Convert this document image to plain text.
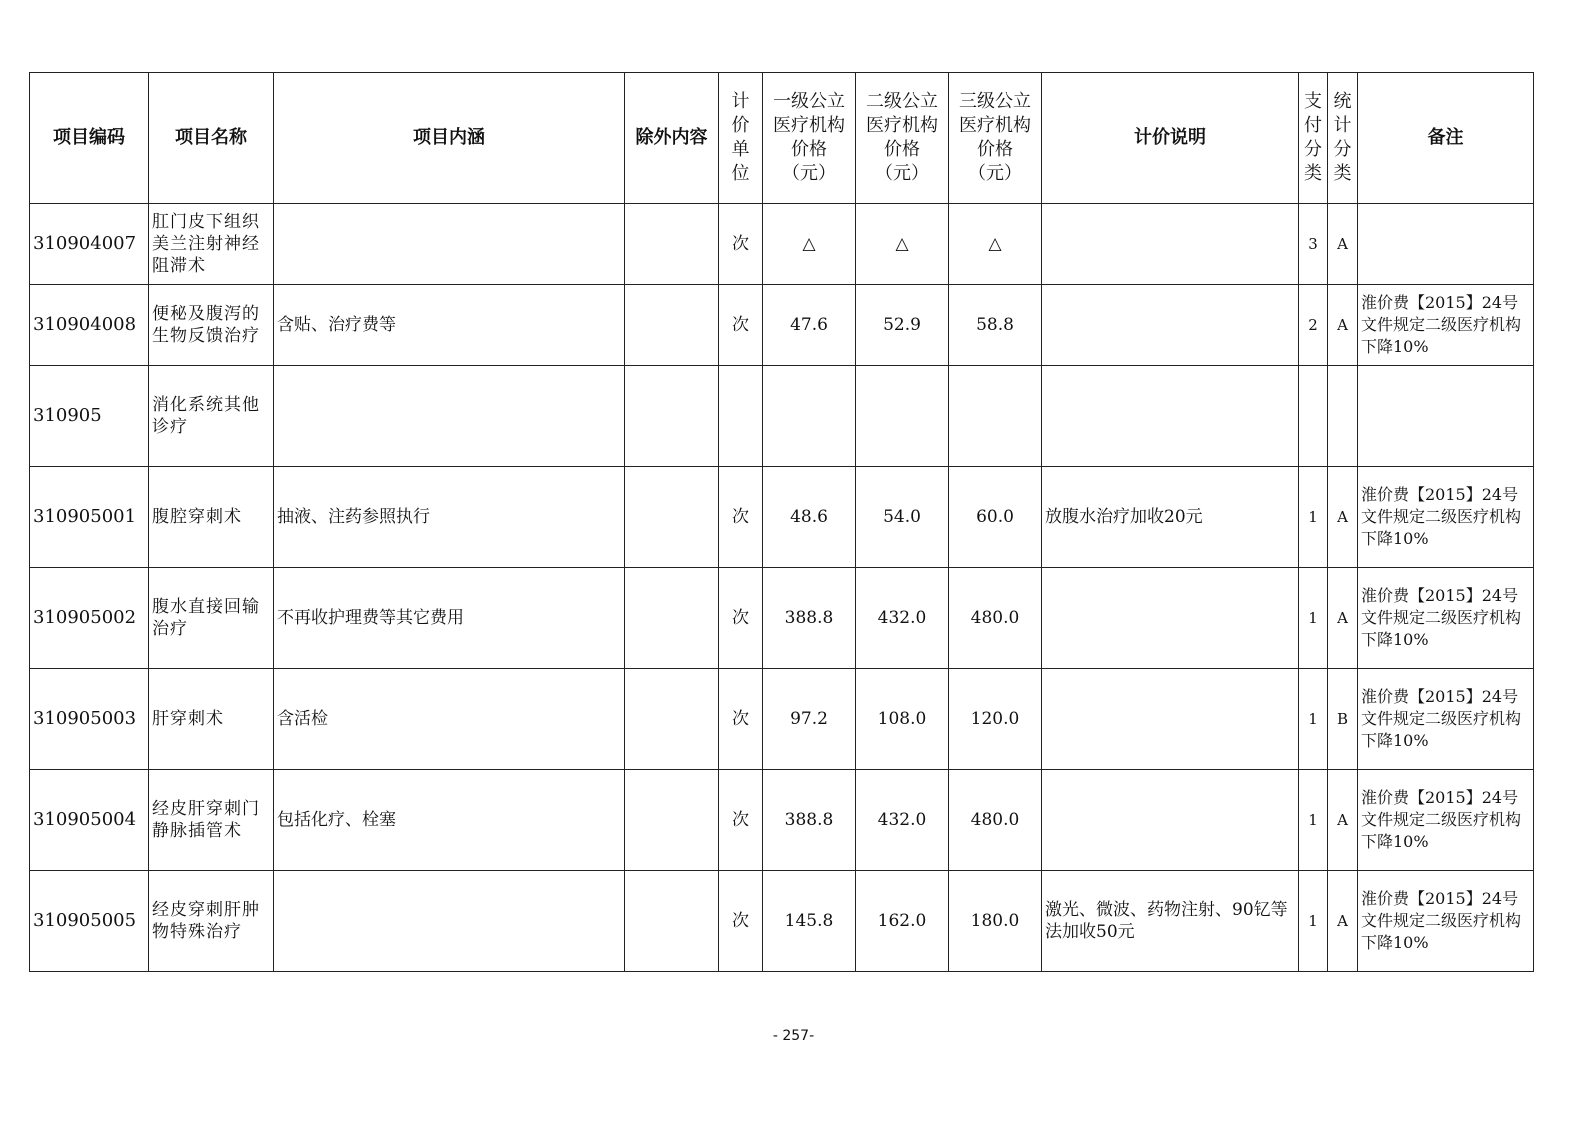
项目编码	项目名称	项目内涵	除外内容	计价单位	一级公立医疗机构价格（元）	二级公立医疗机构价格（元）	三级公立医疗机构价格（元）	计价说明	支付分类	统计分类	备注
310904007	肛门皮下组织美兰注射神经阻滞术			次	△	△	△		3	A	
310904008	便秘及腹泻的生物反馈治疗	含贴、治疗费等		次	47.6	52.9	58.8		2	A	淮价费【2015】24号文件规定二级医疗机构下降10%
310905	消化系统其他诊疗										
310905001	腹腔穿刺术	抽液、注药参照执行		次	48.6	54.0	60.0	放腹水治疗加收20元	1	A	淮价费【2015】24号文件规定二级医疗机构下降10%
310905002	腹水直接回输治疗	不再收护理费等其它费用		次	388.8	432.0	480.0		1	A	淮价费【2015】24号文件规定二级医疗机构下降10%
310905003	肝穿刺术	含活检		次	97.2	108.0	120.0		1	B	淮价费【2015】24号文件规定二级医疗机构下降10%
310905004	经皮肝穿刺门静脉插管术	包括化疗、栓塞		次	388.8	432.0	480.0		1	A	淮价费【2015】24号文件规定二级医疗机构下降10%
310905005	经皮穿刺肝肿物特殊治疗			次	145.8	162.0	180.0	激光、微波、药物注射、90钇等法加收50元	1	A	淮价费【2015】24号文件规定二级医疗机构下降10%
- 257-
